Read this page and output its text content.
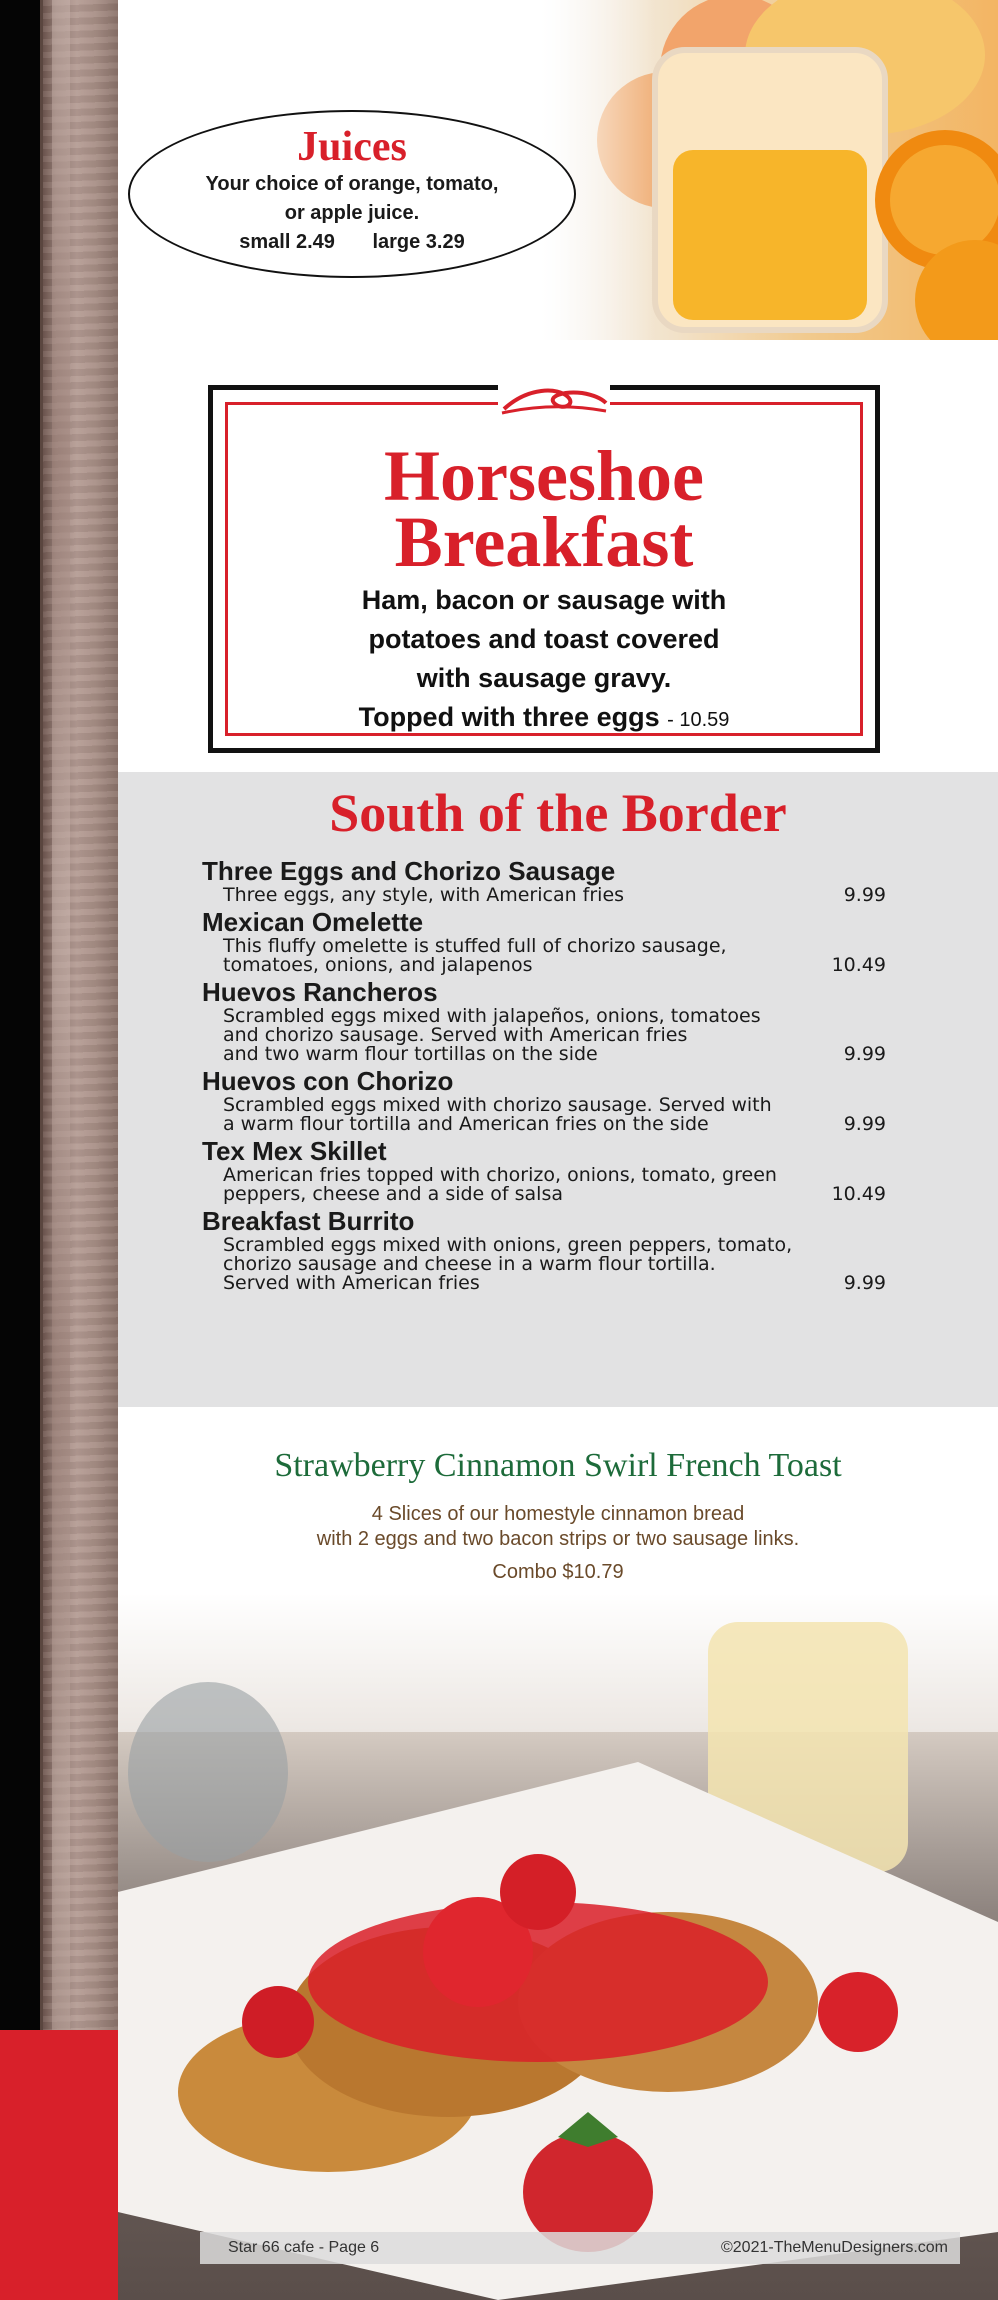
Juices
Your choice of orange, tomato,
or apple juice.
small 2.49 large 3.29
Horseshoe
Breakfast
Ham, bacon or sausage with
potatoes and toast covered
with sausage gravy.
Topped with three eggs - 10.59
South of the Border
Three Eggs and Chorizo Sausage
Three eggs, any style, with American fries	9.99
Mexican Omelette
This fluffy omelette is stuffed full of chorizo sausage,
tomatoes, onions, and jalapenos	10.49
Huevos Rancheros
Scrambled eggs mixed with jalapeños, onions, tomatoes
and chorizo sausage. Served with American fries
and two warm flour tortillas on the side	9.99
Huevos con Chorizo
Scrambled eggs mixed with chorizo sausage. Served with
a warm flour tortilla and American fries on the side	9.99
Tex Mex Skillet
American fries topped with chorizo, onions, tomato, green
peppers, cheese and a side of salsa	10.49
Breakfast Burrito
Scrambled eggs mixed with onions, green peppers, tomato,
chorizo sausage and cheese in a warm flour tortilla.
Served with American fries	9.99
Strawberry Cinnamon Swirl French Toast
4 Slices of our homestyle cinnamon bread
with 2 eggs and two bacon strips or two sausage links.
Combo $10.79
Star 66 cafe - Page 6	©2021-TheMenuDesigners.com
